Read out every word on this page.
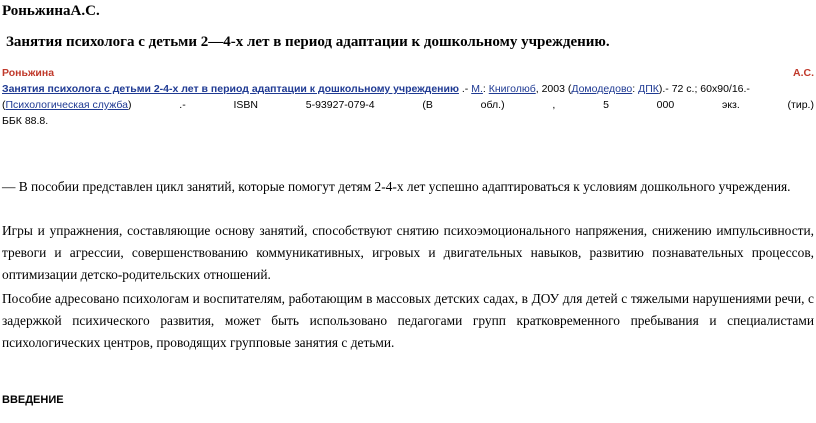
РоньжинаА.С.
Занятия психолога с детьми 2—4-х лет в период адаптации к дошкольному учреждению.
Роньжина	А.С.
Занятия психолога с детьми 2-4-х лет в период адаптации к дошкольному учреждению .- М.: Книголюб, 2003 (Домодедово: ДПК).- 72 с.; 60х90/16.-
(Психологическая служба)	.-	ISBN	5-93927-079-4	(В	обл.)	,	5	000	экз.	(тир.)
ББК 88.8.

— В пособии представлен цикл занятий, которые помогут детям 2-4-х лет успешно адаптироваться к условиям дошкольного учреждения.

Игры и упражнения, составляющие основу занятий, способствуют снятию психоэмоционального напряжения, снижению импульсивности, тревоги и агрессии, совершенствованию коммуникативных, игровых и двигательных навыков, развитию познавательных процессов, оптимизации детско-родительских отношений.

Пособие адресовано психологам и воспитателям, работающим в массовых детских садах, в ДОУ для детей с тяжелыми нарушениями речи, с задержкой психического развития, может быть использовано педагогами групп кратковременного пребывания и специалистами психологических центров, проводящих групповые занятия с детьми.

ВВЕДЕНИЕ
